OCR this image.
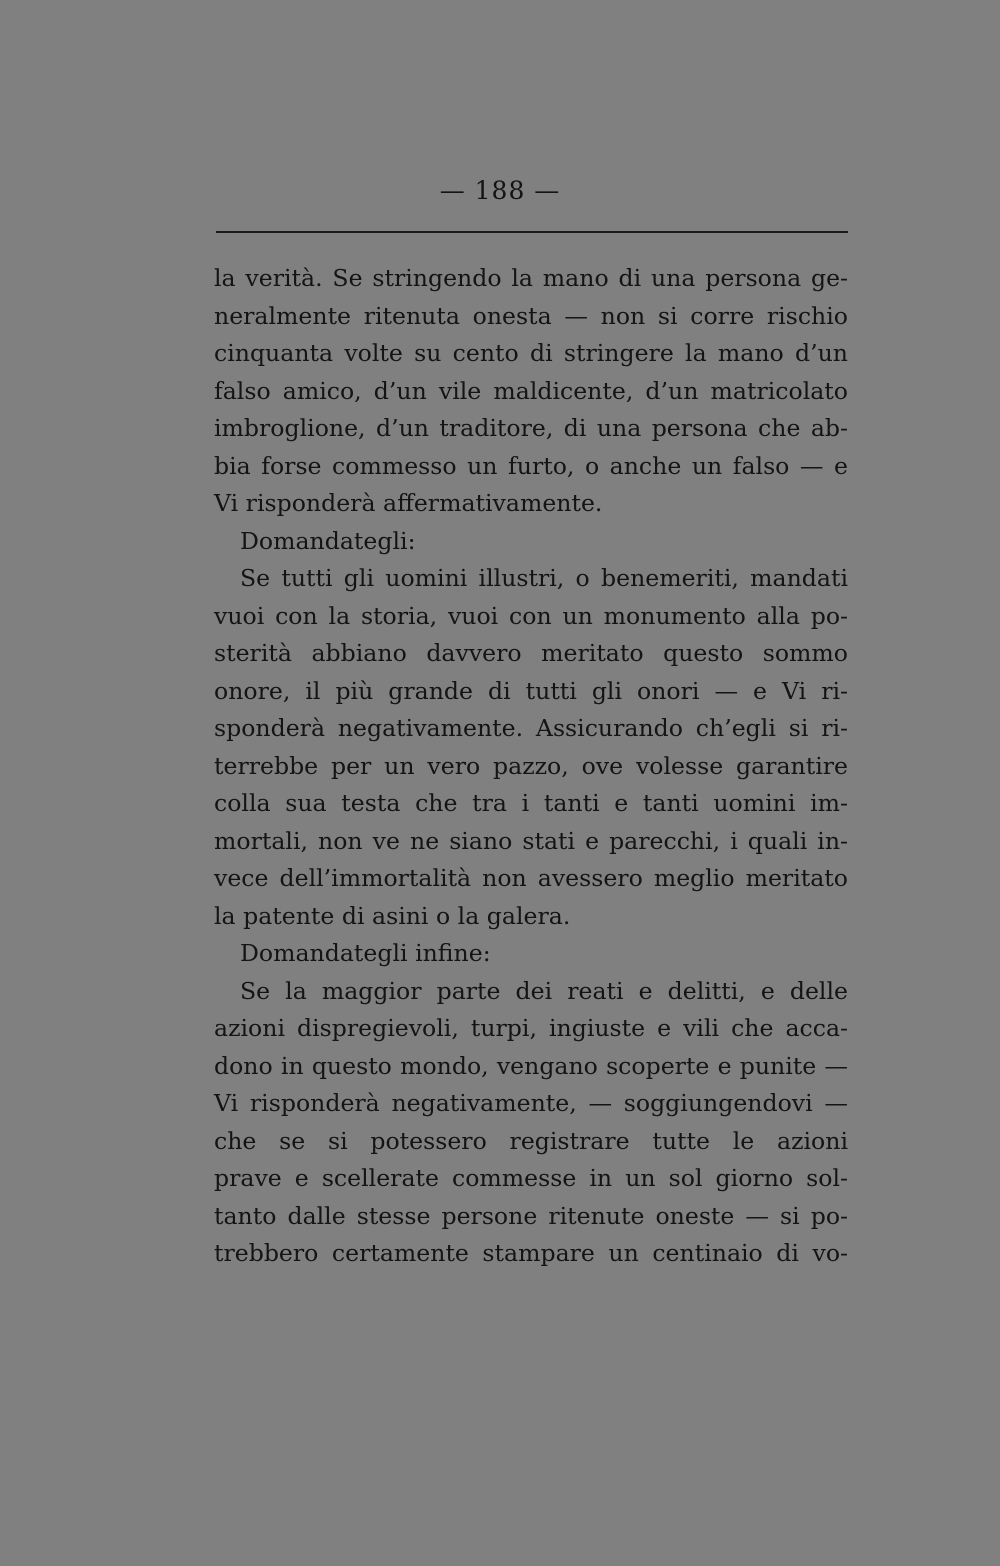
— 188 —
la verità. Se stringendo la mano di una persona ge-
neralmente ritenuta onesta — non si corre rischio
cinquanta volte su cento di stringere la mano d’un
falso amico, d’un vile maldicente, d’un matricolato
imbroglione, d’un traditore, di una persona che ab-
bia forse commesso un furto, o anche un falso — e
Vi risponderà affermativamente.
Domandategli:
Se tutti gli uomini illustri, o benemeriti, mandati
vuoi con la storia, vuoi con un monumento alla po-
sterità abbiano davvero meritato questo sommo
onore, il più grande di tutti gli onori — e Vi ri-
sponderà negativamente. Assicurando ch’egli si ri-
terrebbe per un vero pazzo, ove volesse garantire
colla sua testa che tra i tanti e tanti uomini im-
mortali, non ve ne siano stati e parecchi, i quali in-
vece dell’immortalità non avessero meglio meritato
la patente di asini o la galera.
Domandategli infine:
Se la maggior parte dei reati e delitti, e delle
azioni dispregievoli, turpi, ingiuste e vili che acca-
dono in questo mondo, vengano scoperte e punite —
Vi risponderà negativamente, — soggiungendovi —
che se si potessero registrare tutte le azioni
prave e scellerate commesse in un sol giorno sol-
tanto dalle stesse persone ritenute oneste — si po-
trebbero certamente stampare un centinaio di vo-
